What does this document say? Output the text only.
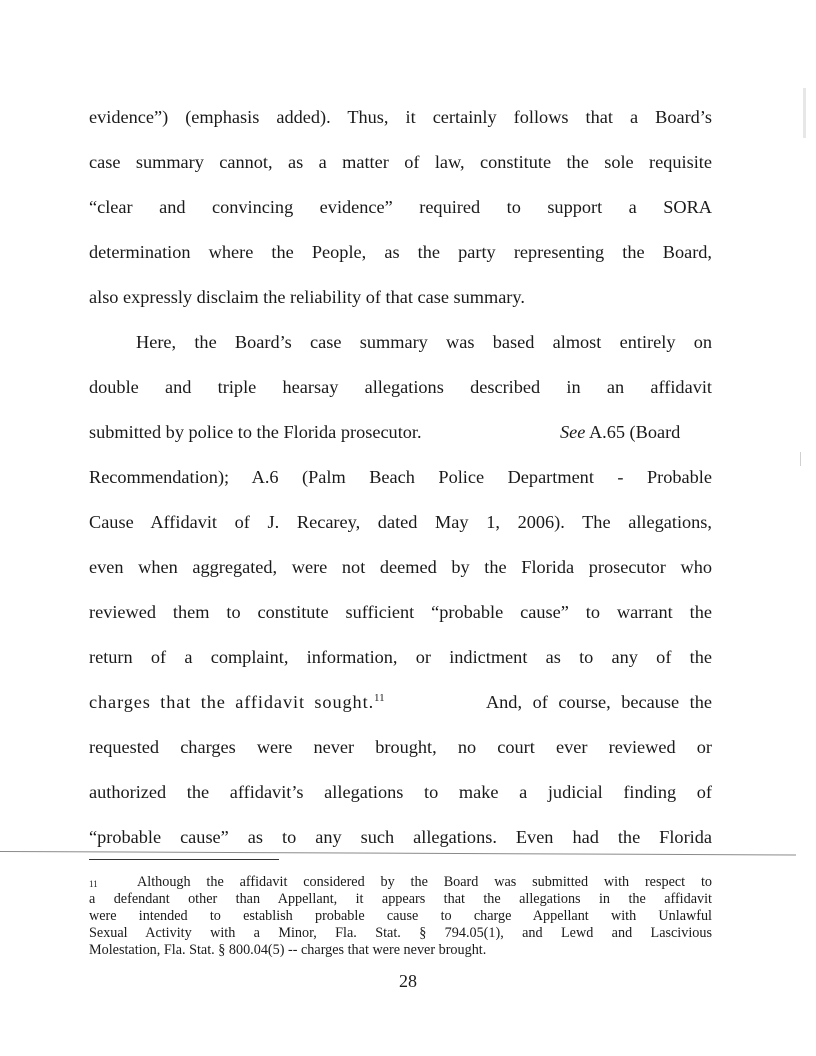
evidence”) (emphasis added). Thus, it certainly follows that a Board’s
case summary cannot, as a matter of law, constitute the sole requisite
“clear and convincing evidence” required to support a SORA
determination where the People, as the party representing the Board,
also expressly disclaim the reliability of that case summary.
Here, the Board’s case summary was based almost entirely on
double and triple hearsay allegations described in an affidavit
submitted by police to the Florida prosecutor.	See A.65 (Board
Recommendation); A.6 (Palm Beach Police Department - Probable
Cause Affidavit of J. Recarey, dated May 1, 2006). The allegations,
even when aggregated, were not deemed by the Florida prosecutor who
reviewed them to constitute sufficient “probable cause” to warrant the
return of a complaint, information, or indictment as to any of the
charges that the affidavit sought.$^{11}$	And, of course, because the
requested charges were never brought, no court ever reviewed or
authorized the affidavit’s allegations to make a judicial finding of
“probable cause” as to any such allegations. Even had the Florida
11	Although the affidavit considered by the Board was submitted with respect to
a defendant other than Appellant, it appears that the allegations in the affidavit
were intended to establish probable cause to charge Appellant with Unlawful
Sexual Activity with a Minor, Fla. Stat. § 794.05(1), and Lewd and Lascivious
Molestation, Fla. Stat. § 800.04(5) -- charges that were never brought.
28
